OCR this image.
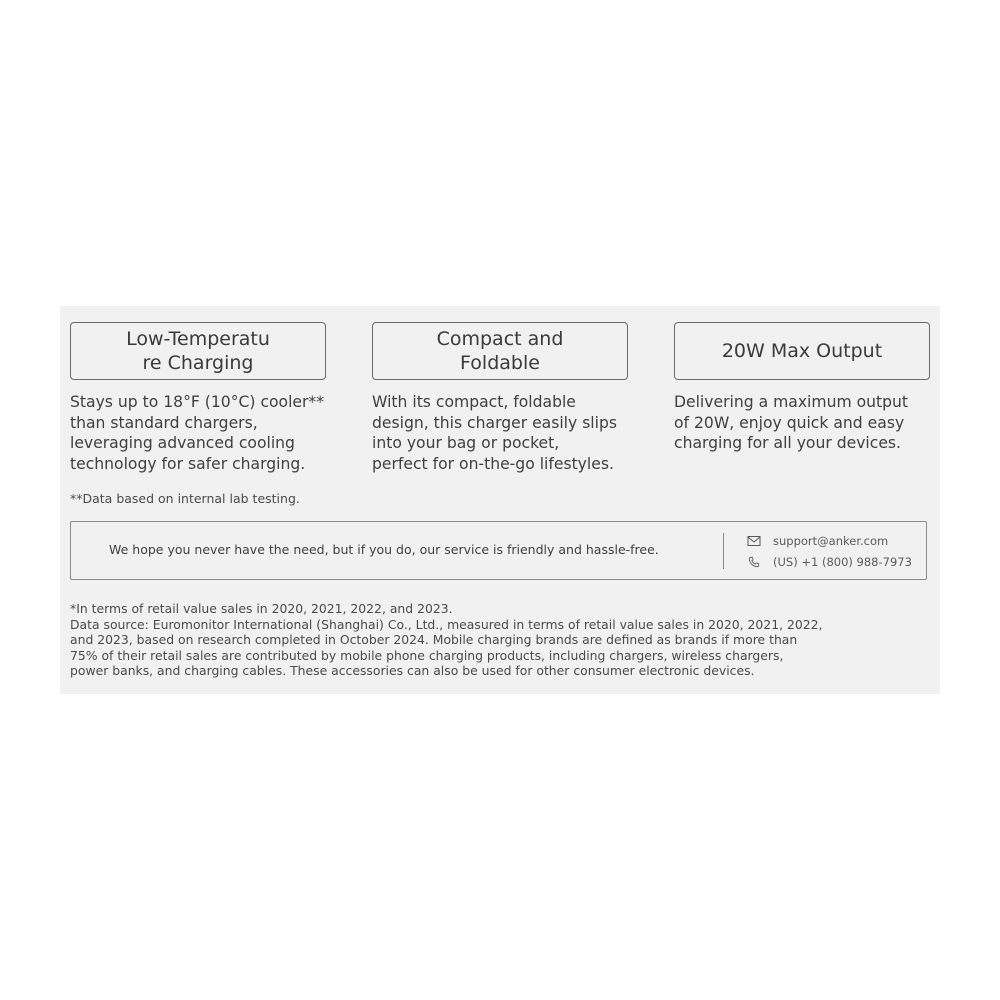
Low-Temperatu
re Charging
Stays up to 18°F (10°C) cooler**
than standard chargers,
leveraging advanced cooling
technology for safer charging.
Compact and
Foldable
With its compact, foldable
design, this charger easily slips
into your bag or pocket,
perfect for on-the-go lifestyles.
20W Max Output
Delivering a maximum output
of 20W, enjoy quick and easy
charging for all your devices.
**Data based on internal lab testing.
We hope you never have the need, but if you do, our service is friendly and hassle-free.
support@anker.com
(US) +1 (800) 988-7973
*In terms of retail value sales in 2020, 2021, 2022, and 2023.
Data source: Euromonitor International (Shanghai) Co., Ltd., measured in terms of retail value sales in 2020, 2021, 2022,
and 2023, based on research completed in October 2024. Mobile charging brands are defined as brands if more than
75% of their retail sales are contributed by mobile phone charging products, including chargers, wireless chargers,
power banks, and charging cables. These accessories can also be used for other consumer electronic devices.
